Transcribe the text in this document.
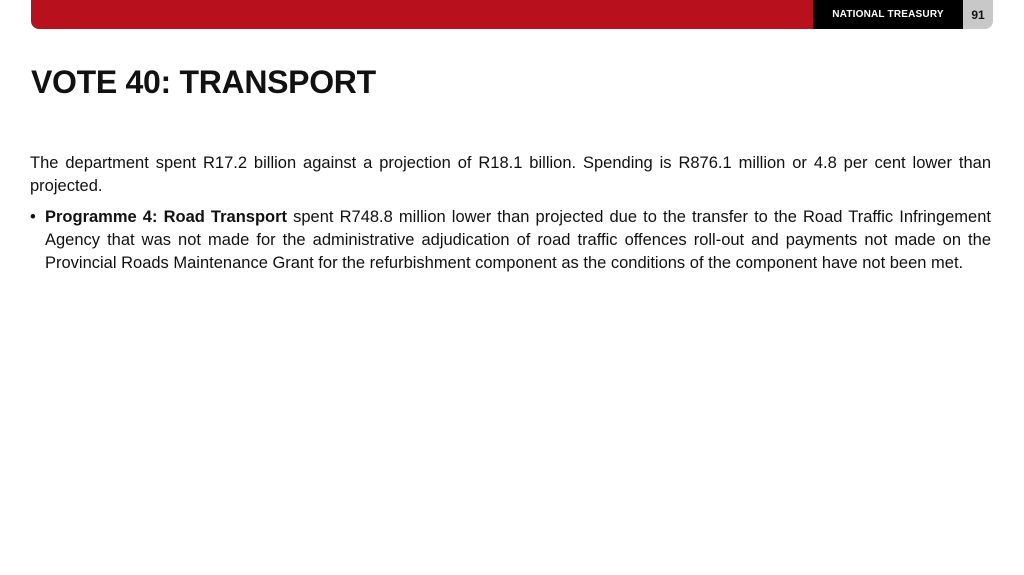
NATIONAL TREASURY	91
VOTE 40: TRANSPORT

The department spent R17.2 billion against a projection of R18.1 billion. Spending is R876.1 million or 4.8 per cent lower than projected.

• Programme 4: Road Transport spent R748.8 million lower than projected due to the transfer to the Road Traffic Infringement Agency that was not made for the administrative adjudication of road traffic offences roll-out and payments not made on the Provincial Roads Maintenance Grant for the refurbishment component as the conditions of the component have not been met.
